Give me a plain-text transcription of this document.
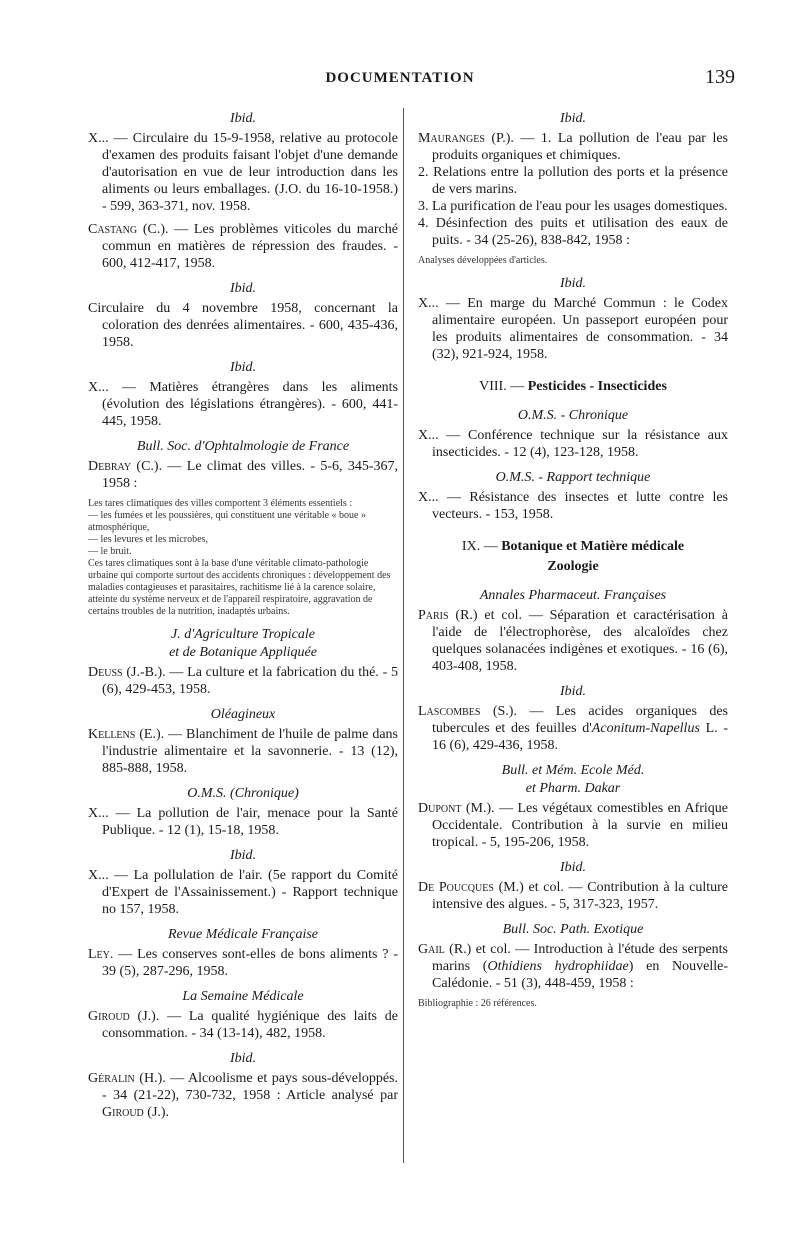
DOCUMENTATION	139
Ibid.
X... — Circulaire du 15-9-1958, relative au protocole d'examen des produits faisant l'objet d'une demande d'autorisation en vue de leur introduction dans les aliments ou leurs emballages. (J.O. du 16-10-1958.) - 599, 363-371, nov. 1958.
Castang (C.). — Les problèmes viticoles du marché commun en matières de répression des fraudes. - 600, 412-417, 1958.
Ibid.
Circulaire du 4 novembre 1958, concernant la coloration des denrées alimentaires. - 600, 435-436, 1958.
Ibid.
X... — Matières étrangères dans les aliments (évolution des législations étrangères). - 600, 441-445, 1958.
Bull. Soc. d'Ophtalmologie de France
Debray (C.). — Le climat des villes. - 5-6, 345-367, 1958 :
Les tares climatiques des villes comportent 3 éléments essentiels :
— les fumées et les poussières, qui constituent une véritable « boue » atmosphérique,
— les levures et les microbes,
— le bruit.
Ces tares climatiques sont à la base d'une véritable climato-pathologie urbaine qui comporte surtout des accidents chroniques : développement des maladies contagieuses et parasitaires, rachitisme lié à la carence solaire, atteinte du système nerveux et de l'appareil respiratoire, aggravation de certains troubles de la nutrition, inadaptés urbains.
J. d'Agriculture Tropicale
et de Botanique Appliquée
Deuss (J.-B.). — La culture et la fabrication du thé. - 5 (6), 429-453, 1958.
Oléagineux
Kellens (E.). — Blanchiment de l'huile de palme dans l'industrie alimentaire et la savonnerie. - 13 (12), 885-888, 1958.
O.M.S. (Chronique)
X... — La pollution de l'air, menace pour la Santé Publique. - 12 (1), 15-18, 1958.
Ibid.
X... — La pollulation de l'air. (5e rapport du Comité d'Expert de l'Assainissement.) - Rapport technique no 157, 1958.
Revue Médicale Française
Ley. — Les conserves sont-elles de bons aliments ? - 39 (5), 287-296, 1958.
La Semaine Médicale
Giroud (J.). — La qualité hygiénique des laits de consommation. - 34 (13-14), 482, 1958.
Ibid.
Géralin (H.). — Alcoolisme et pays sous-développés. - 34 (21-22), 730-732, 1958 : Article analysé par Giroud (J.).
Ibid.
Mauranges (P.). — 1. La pollution de l'eau par les produits organiques et chimiques.
2. Relations entre la pollution des ports et la présence de vers marins.
3. La purification de l'eau pour les usages domestiques.
4. Désinfection des puits et utilisation des eaux de puits. - 34 (25-26), 838-842, 1958 :
Analyses développées d'articles.
Ibid.
X... — En marge du Marché Commun : le Codex alimentaire européen. Un passeport européen pour les produits alimentaires de consommation. - 34 (32), 921-924, 1958.
VIII. — Pesticides - Insecticides
O.M.S. - Chronique
X... — Conférence technique sur la résistance aux insecticides. - 12 (4), 123-128, 1958.
O.M.S. - Rapport technique
X... — Résistance des insectes et lutte contre les vecteurs. - 153, 1958.
IX. — Botanique et Matière médicale
Zoologie
Annales Pharmaceut. Françaises
Paris (R.) et col. — Séparation et caractérisation à l'aide de l'électrophorèse, des alcaloïdes chez quelques solanacées indigènes et exotiques. - 16 (6), 403-408, 1958.
Ibid.
Lascombes (S.). — Les acides organiques des tubercules et des feuilles d'Aconitum-Napellus L. - 16 (6), 429-436, 1958.
Bull. et Mém. Ecole Méd.
et Pharm. Dakar
Dupont (M.). — Les végétaux comestibles en Afrique Occidentale. Contribution à la survie en milieu tropical. - 5, 195-206, 1958.
Ibid.
De Poucques (M.) et col. — Contribution à la culture intensive des algues. - 5, 317-323, 1957.
Bull. Soc. Path. Exotique
Gail (R.) et col. — Introduction à l'étude des serpents marins (Othidiens hydrophiidae) en Nouvelle-Calédonie. - 51 (3), 448-459, 1958 :
Bibliographie : 26 références.
